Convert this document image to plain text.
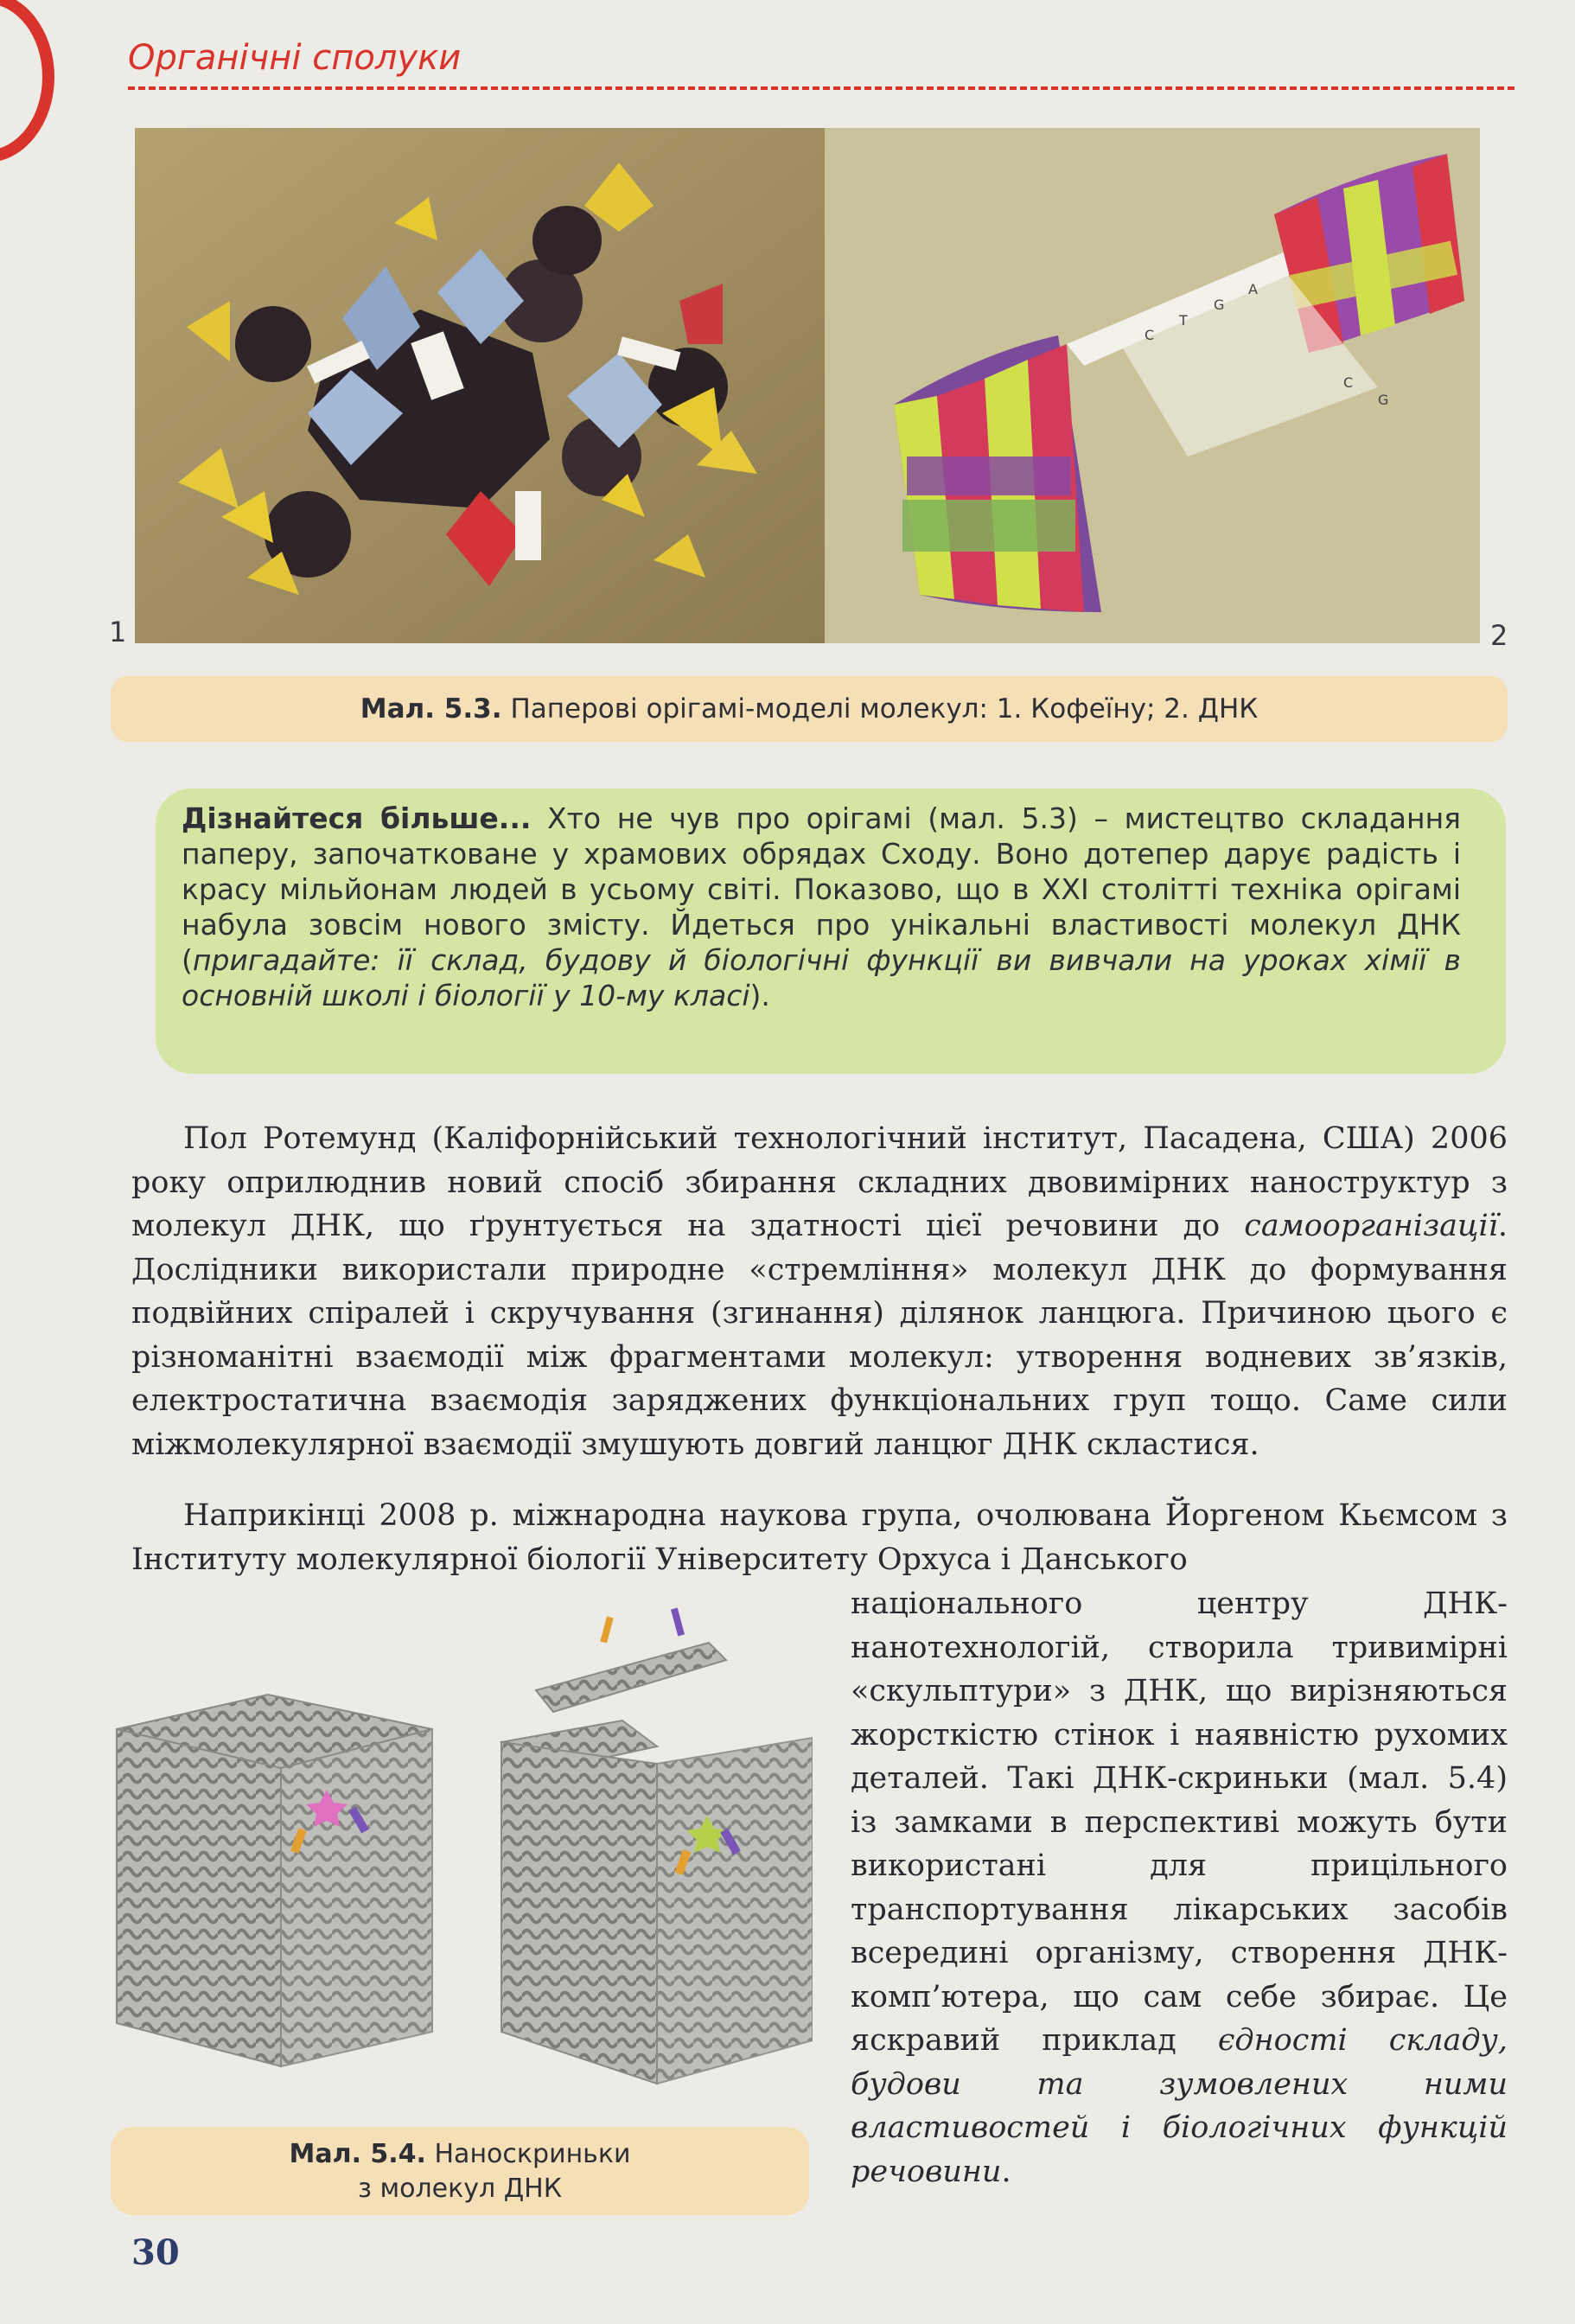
Органічні сполуки
C
T
G
A
C
G
1	2
Мал. 5.3. Паперові орігамі-моделі молекул: 1. Кофеїну; 2. ДНК

Дізнайтеся більше... Хто не чув про орігамі (мал. 5.3) – мистецтво складання паперу, започатковане у храмових обрядах Сходу. Воно дотепер дарує радість і красу мільйонам людей в усьому світі. Показово, що в XXI столітті техніка орігамі набула зовсім нового змісту. Йдеться про унікальні властивості молекул ДНК (пригадайте: її склад, будову й біологічні функції ви вивчали на уроках хімії в основній школі і біології у 10-му класі).

Пол Ротемунд (Каліфорнійський технологічний інститут, Пасадена, США) 2006 року оприлюднив новий спосіб збирання складних двовимірних наноструктур з молекул ДНК, що ґрунтується на здатності цієї речовини до самоорганізації. Дослідники використали природне «стремління» молекул ДНК до формування подвійних спіралей і скручування (згинання) ділянок ланцюга. Причиною цього є різноманітні взаємодії між фрагментами молекул: утворення водневих зв’язків, електростатична взаємодія заряджених функціональних груп тощо. Саме сили міжмолекулярної взаємодії змушують довгий ланцюг ДНК скластися.

Наприкінці 2008 р. міжнародна наукова група, очолювана Йоргеном Кьємсом з Інституту молекулярної біології Університету Орхуса і Данського

національного центру ДНК-нанотехнологій, створила тривимірні «скульптури» з ДНК, що вирізняються жорсткістю стінок і наявністю рухомих деталей. Такі ДНК-скриньки (мал. 5.4) із замками в перспективі можуть бути використані для прицільного транспортування лікарських засобів всередині організму, створення ДНК-комп’ютера, що сам себе збирає. Це яскравий приклад єдності складу, будови та зумовлених ними властивостей і біологічних функцій речовини.

Мал. 5.4. Наноскриньки
з молекул ДНК
30
